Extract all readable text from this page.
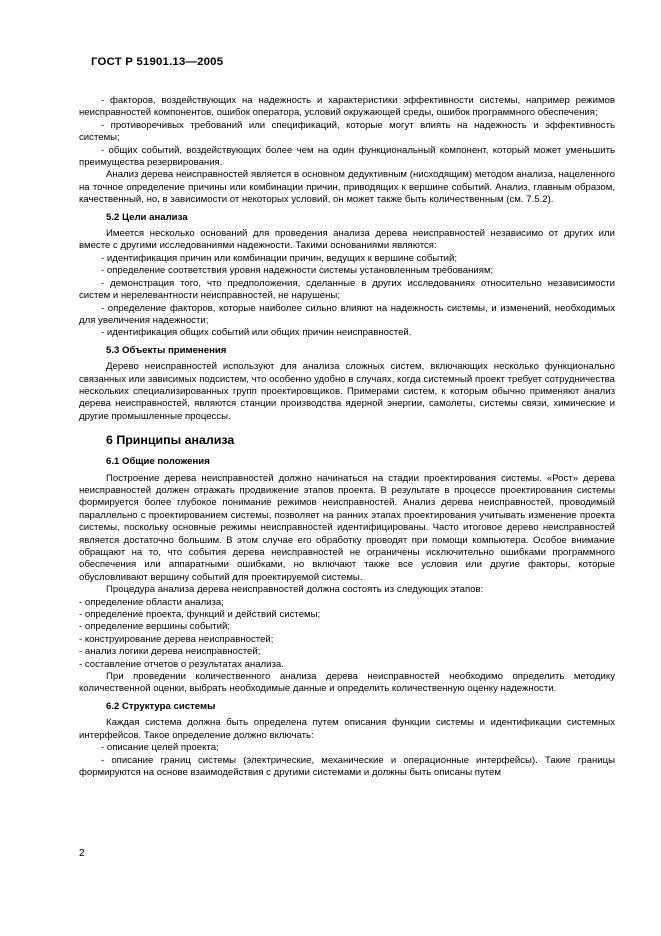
ГОСТ Р 51901.13—2005

- факторов, воздействующих на надежность и характеристики эффективности системы, например режимов неисправностей компонентов, ошибок оператора, условий окружающей среды, ошибок программного обеспечения;

- противоречивых требований или спецификаций, которые могут влиять на надежность и эффективность системы;

- общих событий, воздействующих более чем на один функциональный компонент, который может уменьшить преимущества резервирования.

Анализ дерева неисправностей является в основном дедуктивным (нисходящим) методом анализа, нацеленного на точное определение причины или комбинации причин, приводящих к вершине событий. Анализ, главным образом, качественный, но, в зависимости от некоторых условий, он может также быть количественным (см. 7.5.2).

5.2 Цели анализа

Имеется несколько оснований для проведения анализа дерева неисправностей независимо от других или вместе с другими исследованиями надежности. Такими основаниями являются:

- идентификация причин или комбинации причин, ведущих к вершине событий;

- определение соответствия уровня надежности системы установленным требованиям;

- демонстрация того, что предположения, сделанные в других исследованиях относительно независимости систем и нерелевантности неисправностей, не нарушены;

- определение факторов, которые наиболее сильно влияют на надежность системы, и изменений, необходимых для увеличения надежности;

- идентификация общих событий или общих причин неисправностей.

5.3 Объекты применения

Дерево неисправностей используют для анализа сложных систем, включающих несколько функционально связанных или зависимых подсистем, что особенно удобно в случаях, когда системный проект требует сотрудничества нескольких специализированных групп проектировщиков. Примерами систем, к которым обычно применяют анализ дерева неисправностей, являются станции производства ядерной энергии, самолеты, системы связи, химические и другие промышленные процессы.

6 Принципы анализа
6.1 Общие положения

Построение дерева неисправностей должно начинаться на стадии проектирования системы. «Рост» дерева неисправностей должен отражать продвижение этапов проекта. В результате в процессе проектирования системы формируется более глубокое понимание режимов неисправностей. Анализ дерева неисправностей, проводимый параллельно с проектированием системы, позволяет на ранних этапах проектирования учитывать изменение проекта системы, поскольку основные режимы неисправностей идентифицированы. Часто итоговое дерево неисправностей является достаточно большим. В этом случае его обработку проводят при помощи компьютера. Особое внимание обращают на то, что события дерева неисправностей не ограничены исключительно ошибками программного обеспечения или аппаратными ошибками, но включают также все условия или другие факторы, которые обусловливают вершину событий для проектируемой системы.

Процедура анализа дерева неисправностей должна состоять из следующих этапов:

- определение области анализа;

- определение проекта, функций и действий системы;

- определение вершины событий;

- конструирование дерева неисправностей;

- анализ логики дерева неисправностей;

- составление отчетов о результатах анализа.

При проведении количественного анализа дерева неисправностей необходимо определить методику количественной оценки, выбрать необходимые данные и определить количественную оценку надежности.

6.2 Структура системы

Каждая система должна быть определена путем описания функции системы и идентификации системных интерфейсов. Такое определение должно включать:

- описание целей проекта;

- описание границ системы (электрические, механические и операционные интерфейсы). Такие границы формируются на основе взаимодействия с другими системами и должны быть описаны путем

2
